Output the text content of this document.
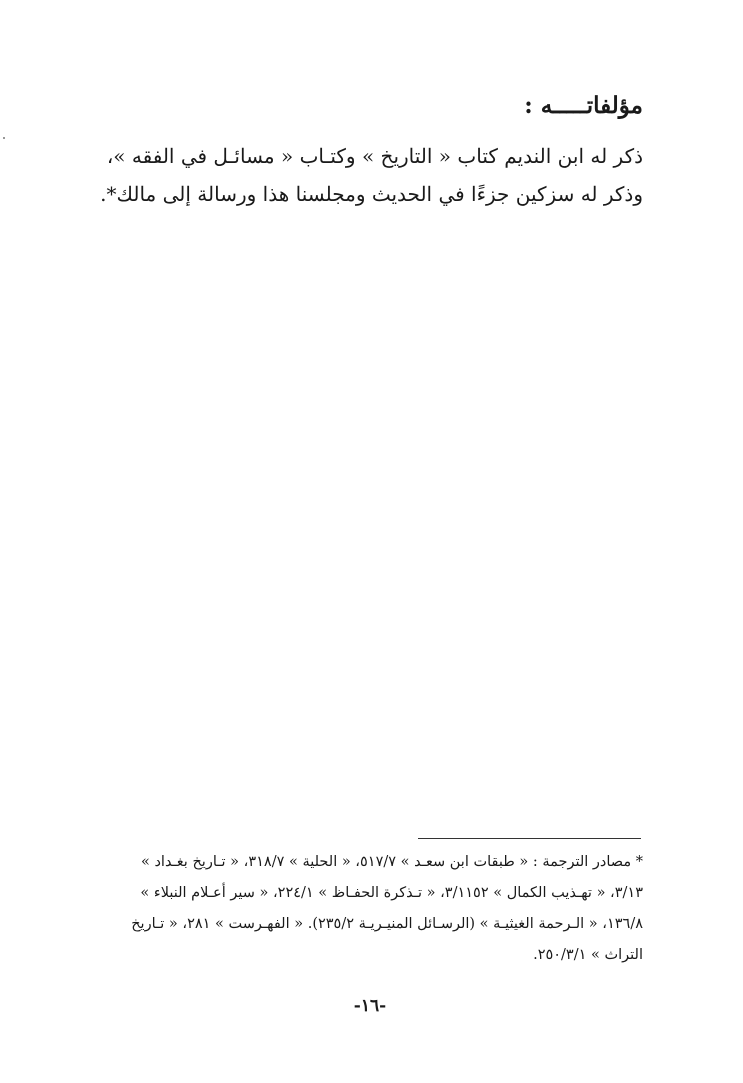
مؤلفاتـــــه :

ذكر له ابن النديم كتاب « التاريخ » وكتـاب « مسائـل في الفقه »،

وذكر له سزكين جزءًا في الحديث ومجلسنا هذا ورسالة إلى مالك*.

* مصادر الترجمة : « طبقات ابن سعـد » ٥١٧/٧، « الحلية » ٣١٨/٧، « تـاريخ بغـداد »

٣/١٣، « تهـذيب الكمال » ٣/١١٥٢، « تـذكرة الحفـاظ » ٢٢٤/١، « سير أعـلام النبلاء »

١٣٦/٨، « الـرحمة الغيثيـة » (الرسـائل المنيـريـة ٢٣٥/٢). « الفهـرست » ٢٨١، « تـاريخ

التراث » ٢٥٠/٣/١.

-١٦-
